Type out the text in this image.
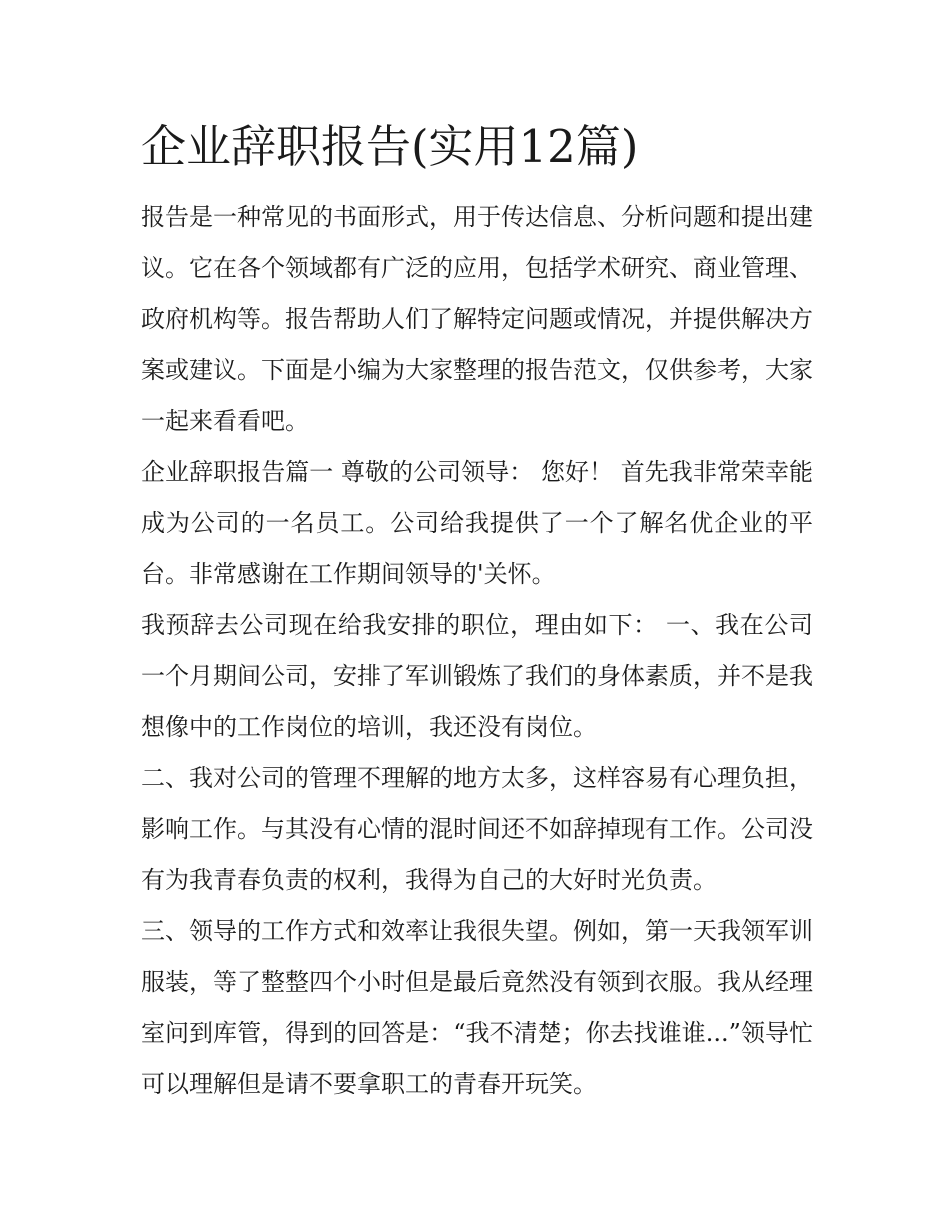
企业辞职报告(实用12篇)

报告是一种常见的书面形式，用于传达信息、分析问题和提出建议。它在各个领域都有广泛的应用，包括学术研究、商业管理、政府机构等。报告帮助人们了解特定问题或情况，并提供解决方案或建议。下面是小编为大家整理的报告范文，仅供参考，大家一起来看看吧。

企业辞职报告篇一 尊敬的公司领导： 您好！ 首先我非常荣幸能成为公司的一名员工。公司给我提供了一个了解名优企业的平台。非常感谢在工作期间领导的'关怀。

我预辞去公司现在给我安排的职位，理由如下： 一、我在公司一个月期间公司，安排了军训锻炼了我们的身体素质，并不是我想像中的工作岗位的培训，我还没有岗位。

二、我对公司的管理不理解的地方太多，这样容易有心理负担，影响工作。与其没有心情的混时间还不如辞掉现有工作。公司没有为我青春负责的权利，我得为自己的大好时光负责。

三、领导的工作方式和效率让我很失望。例如，第一天我领军训服装，等了整整四个小时但是最后竟然没有领到衣服。我从经理室问到库管，得到的回答是：“我不清楚；你去找谁谁...”领导忙可以理解但是请不要拿职工的青春开玩笑。
